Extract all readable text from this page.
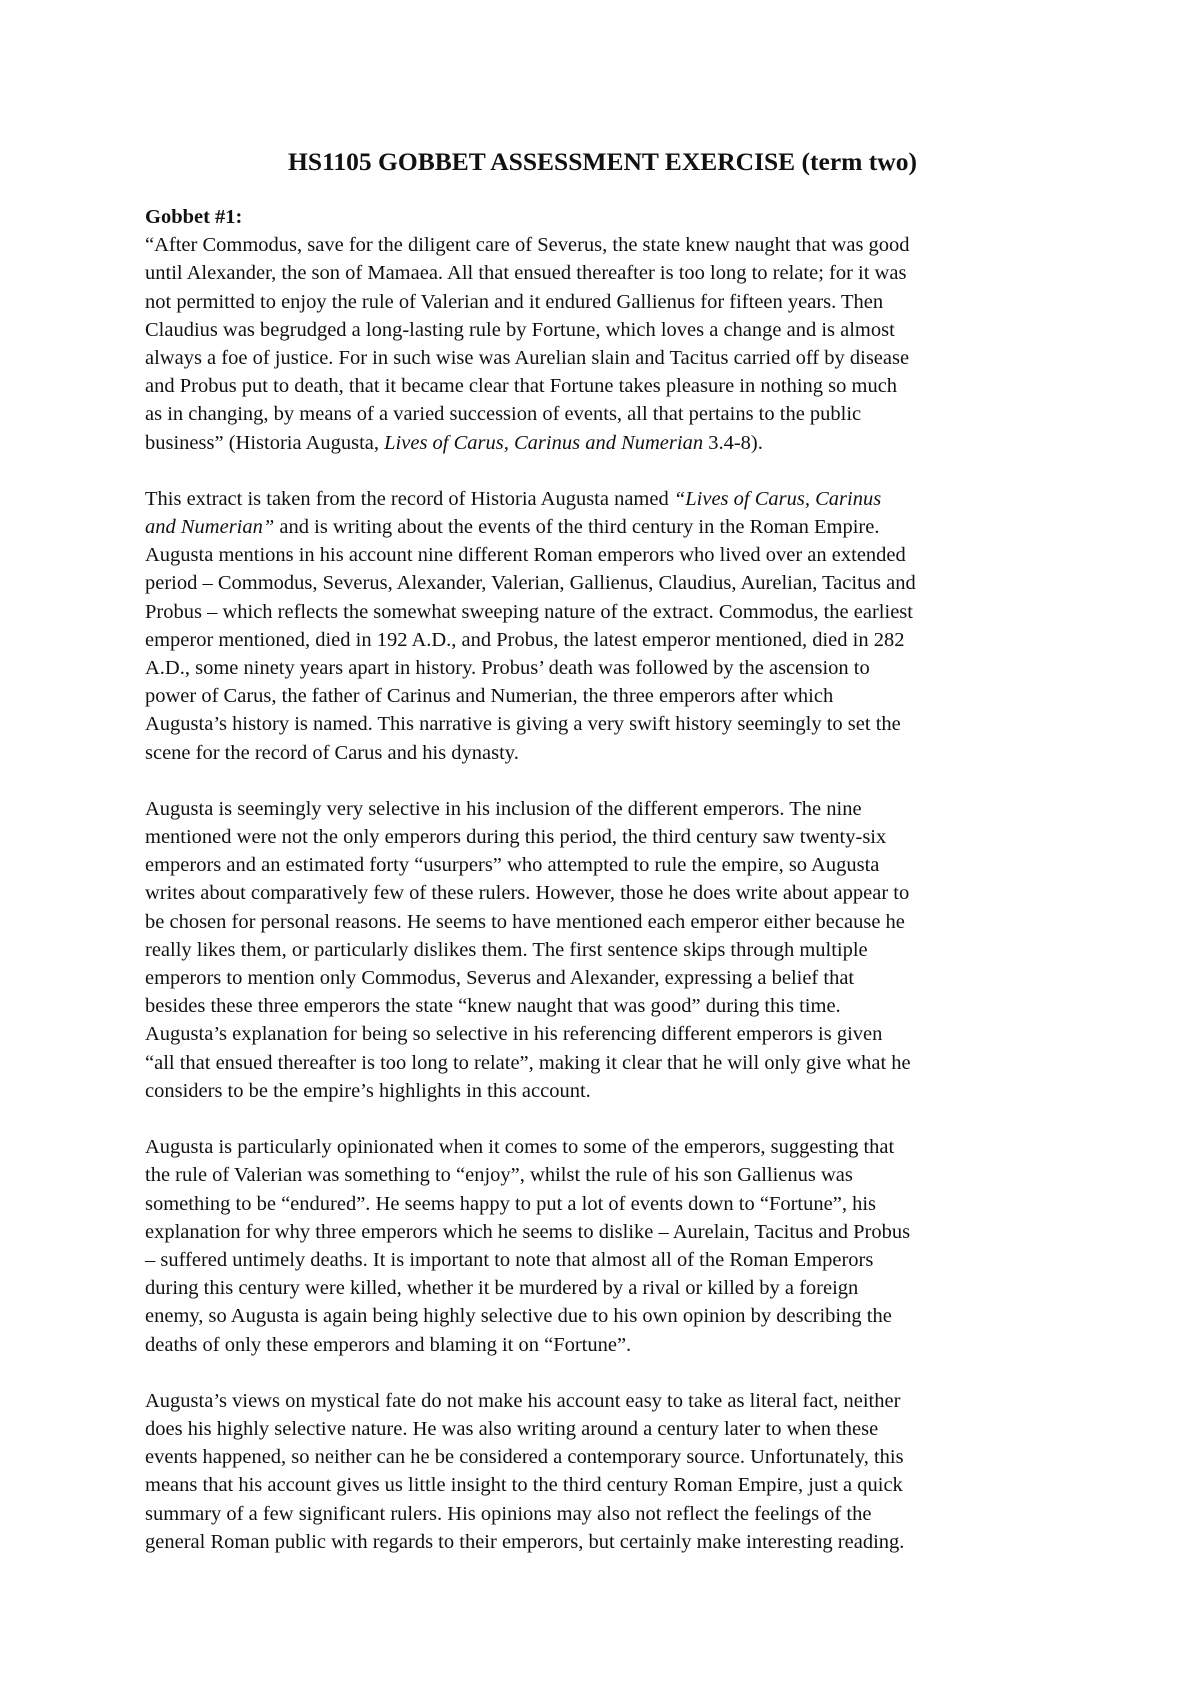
HS1105 GOBBET ASSESSMENT EXERCISE (term two)
Gobbet #1:

“After Commodus, save for the diligent care of Severus, the state knew naught that was good
until Alexander, the son of Mamaea. All that ensued thereafter is too long to relate; for it was
not permitted to enjoy the rule of Valerian and it endured Gallienus for fifteen years. Then
Claudius was begrudged a long-lasting rule by Fortune, which loves a change and is almost
always a foe of justice. For in such wise was Aurelian slain and Tacitus carried off by disease
and Probus put to death, that it became clear that Fortune takes pleasure in nothing so much
as in changing, by means of a varied succession of events, all that pertains to the public
business” (Historia Augusta, Lives of Carus, Carinus and Numerian 3.4-8).

This extract is taken from the record of Historia Augusta named “Lives of Carus, Carinus
and Numerian” and is writing about the events of the third century in the Roman Empire.
Augusta mentions in his account nine different Roman emperors who lived over an extended
period – Commodus, Severus, Alexander, Valerian, Gallienus, Claudius, Aurelian, Tacitus and
Probus – which reflects the somewhat sweeping nature of the extract. Commodus, the earliest
emperor mentioned, died in 192 A.D., and Probus, the latest emperor mentioned, died in 282
A.D., some ninety years apart in history. Probus’ death was followed by the ascension to
power of Carus, the father of Carinus and Numerian, the three emperors after which
Augusta’s history is named. This narrative is giving a very swift history seemingly to set the
scene for the record of Carus and his dynasty.

Augusta is seemingly very selective in his inclusion of the different emperors. The nine
mentioned were not the only emperors during this period, the third century saw twenty-six
emperors and an estimated forty “usurpers” who attempted to rule the empire, so Augusta
writes about comparatively few of these rulers. However, those he does write about appear to
be chosen for personal reasons. He seems to have mentioned each emperor either because he
really likes them, or particularly dislikes them. The first sentence skips through multiple
emperors to mention only Commodus, Severus and Alexander, expressing a belief that
besides these three emperors the state “knew naught that was good” during this time.
Augusta’s explanation for being so selective in his referencing different emperors is given
“all that ensued thereafter is too long to relate”, making it clear that he will only give what he
considers to be the empire’s highlights in this account.

Augusta is particularly opinionated when it comes to some of the emperors, suggesting that
the rule of Valerian was something to “enjoy”, whilst the rule of his son Gallienus was
something to be “endured”. He seems happy to put a lot of events down to “Fortune”, his
explanation for why three emperors which he seems to dislike – Aurelain, Tacitus and Probus
– suffered untimely deaths. It is important to note that almost all of the Roman Emperors
during this century were killed, whether it be murdered by a rival or killed by a foreign
enemy, so Augusta is again being highly selective due to his own opinion by describing the
deaths of only these emperors and blaming it on “Fortune”.

Augusta’s views on mystical fate do not make his account easy to take as literal fact, neither
does his highly selective nature. He was also writing around a century later to when these
events happened, so neither can he be considered a contemporary source. Unfortunately, this
means that his account gives us little insight to the third century Roman Empire, just a quick
summary of a few significant rulers. His opinions may also not reflect the feelings of the
general Roman public with regards to their emperors, but certainly make interesting reading.
